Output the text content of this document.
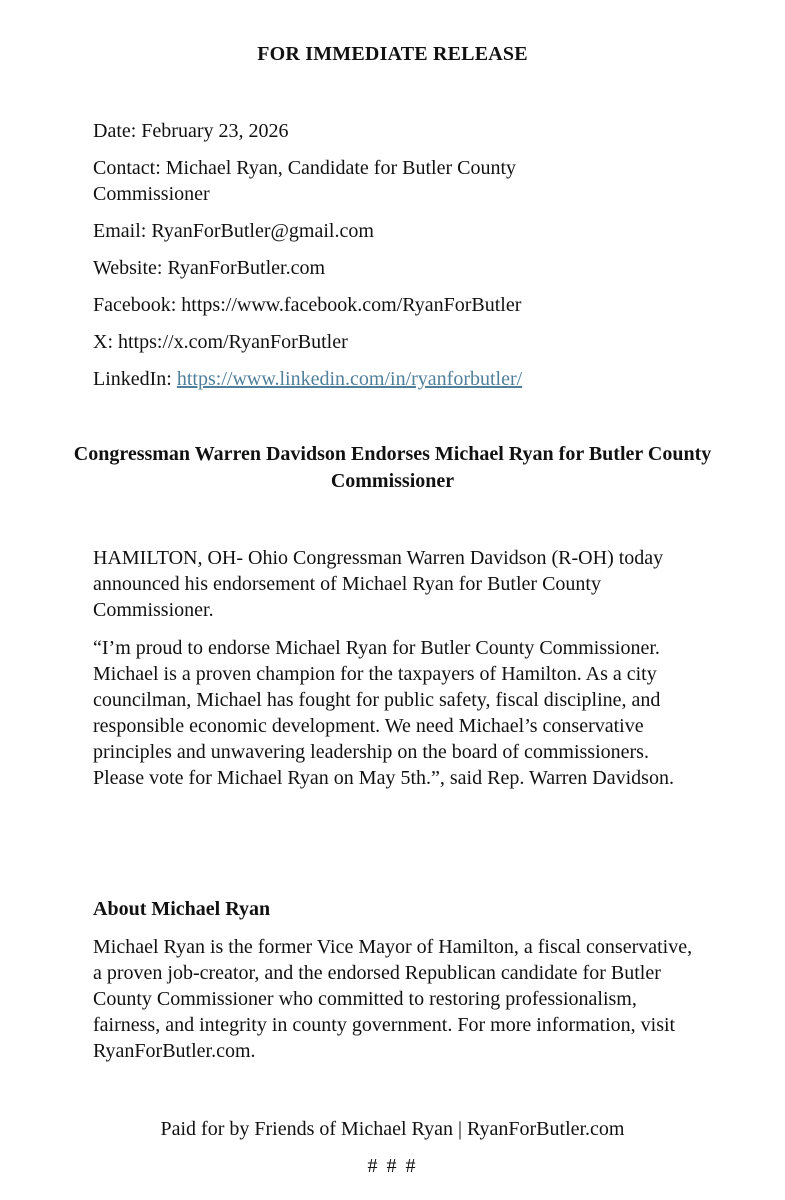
FOR IMMEDIATE RELEASE

Date: February 23, 2026

Contact: Michael Ryan, Candidate for Butler County Commissioner

Email: RyanForButler@gmail.com

Website: RyanForButler.com

Facebook: https://www.facebook.com/RyanForButler

X: https://x.com/RyanForButler

LinkedIn: https://www.linkedin.com/in/ryanforbutler/

Congressman Warren Davidson Endorses Michael Ryan for Butler County Commissioner

HAMILTON, OH- Ohio Congressman Warren Davidson (R-OH) today announced his endorsement of Michael Ryan for Butler County Commissioner.

“I’m proud to endorse Michael Ryan for Butler County Commissioner. Michael is a proven champion for the taxpayers of Hamilton. As a city councilman, Michael has fought for public safety, fiscal discipline, and responsible economic development. We need Michael’s conservative principles and unwavering leadership on the board of commissioners. Please vote for Michael Ryan on May 5th.”, said Rep. Warren Davidson.

About Michael Ryan
Michael Ryan is the former Vice Mayor of Hamilton, a fiscal conservative, a proven job-creator, and the endorsed Republican candidate for Butler County Commissioner who committed to restoring professionalism, fairness, and integrity in county government. For more information, visit RyanForButler.com.
Paid for by Friends of Michael Ryan | RyanForButler.com
# # #
